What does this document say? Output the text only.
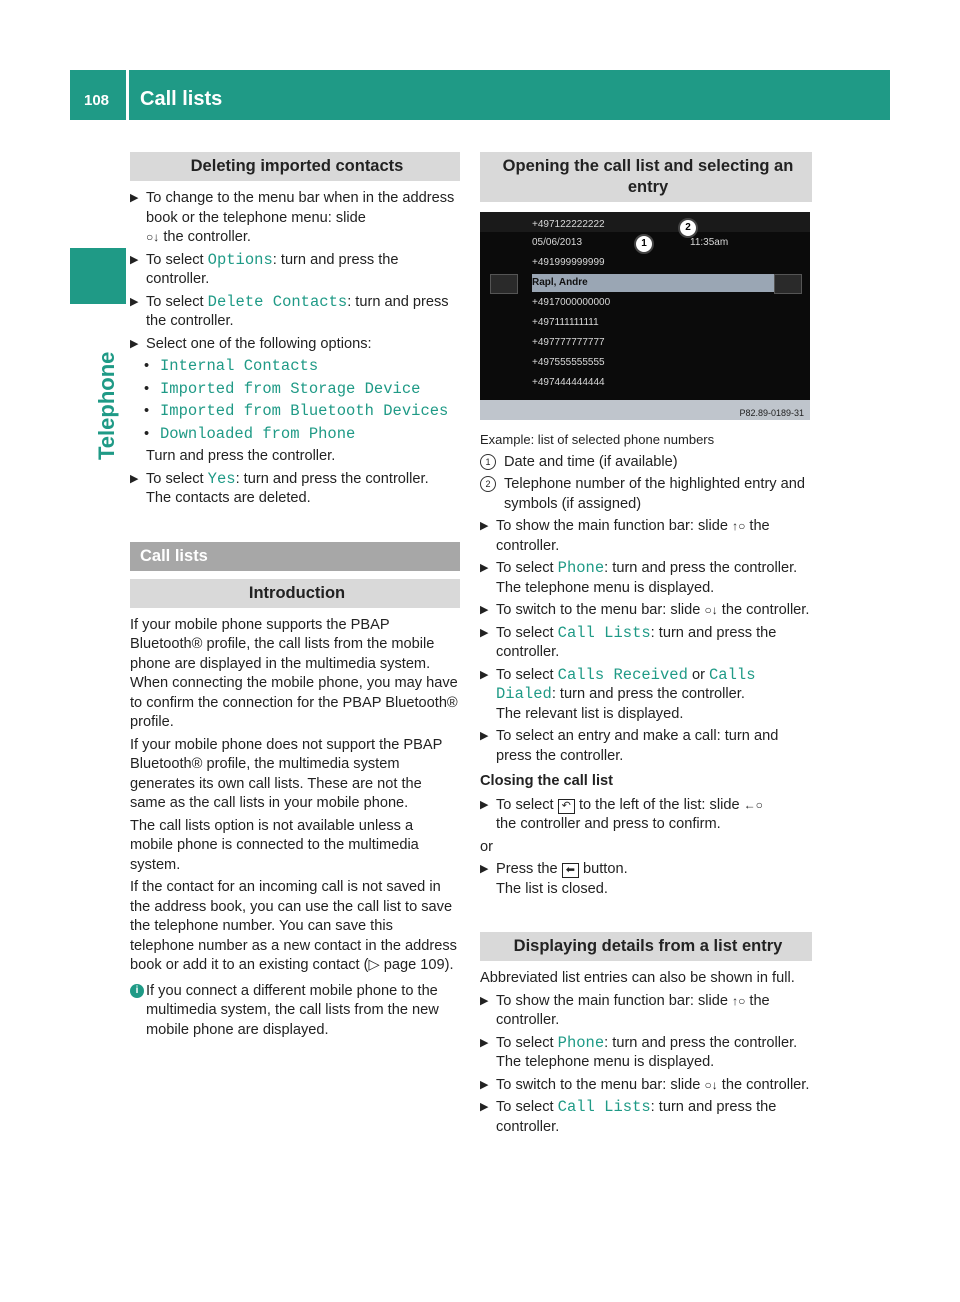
108 Call lists
Telephone
Deleting imported contacts
▶ To change to the menu bar when in the address book or the telephone menu: slide
○↓ the controller.
▶ To select Options: turn and press the controller.
▶ To select Delete Contacts: turn and press the controller.
▶ Select one of the following options:
• Internal Contacts
• Imported from Storage Device
• Imported from Bluetooth Devices
• Downloaded from Phone

Turn and press the controller.

▶ To select Yes: turn and press the controller.
The contacts are deleted.
Call lists
Introduction

If your mobile phone supports the PBAP Bluetooth® profile, the call lists from the mobile phone are displayed in the multimedia system. When connecting the mobile phone, you may have to confirm the connection for the PBAP Bluetooth® profile.

If your mobile phone does not support the PBAP Bluetooth® profile, the multimedia system generates its own call lists. These are not the same as the call lists in your mobile phone.

The call lists option is not available unless a mobile phone is connected to the multimedia system.

If the contact for an incoming call is not saved in the address book, you can use the call list to save the telephone number. You can save this telephone number as a new contact in the address book or add it to an existing contact (▷ page 109).

i If you connect a different mobile phone to the multimedia system, the call lists from the new mobile phone are displayed.
Opening the call list and selecting an entry
+497122222222
05/06/2013	11:35am
+491999999999
Rapl, Andre
+4917000000000
+497111111111
+497777777777
+497555555555
+497444444444
1
2
P82.89-0189-31

Example: list of selected phone numbers

1 Date and time (if available)
2 Telephone number of the highlighted entry and symbols (if assigned)
▶ To show the main function bar: slide ↑○ the controller.
▶ To select Phone: turn and press the controller.
The telephone menu is displayed.
▶ To switch to the menu bar: slide ○↓ the controller.
▶ To select Call Lists: turn and press the controller.
▶ To select Calls Received or Calls Dialed: turn and press the controller.
The relevant list is displayed.
▶ To select an entry and make a call: turn and press the controller.
Closing the call list
▶ To select ↶ to the left of the list: slide ←○
the controller and press to confirm.

or

▶ Press the ⬅ button.
The list is closed.
Displaying details from a list entry

Abbreviated list entries can also be shown in full.

▶ To show the main function bar: slide ↑○ the controller.
▶ To select Phone: turn and press the controller.
The telephone menu is displayed.
▶ To switch to the menu bar: slide ○↓ the controller.
▶ To select Call Lists: turn and press the controller.
